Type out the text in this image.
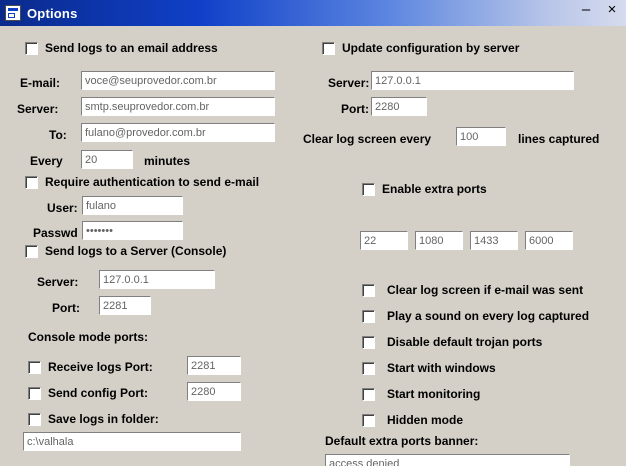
Options	– ×
Send logs to an email address
E-mail:
voce@seuprovedor.com.br
Server:
smtp.seuprovedor.com.br
To:
fulano@provedor.com.br
Every
20	minutes
Require authentication to send e-mail
User:
fulano
Passwd
•••••••
Send logs to a Server (Console)
Server:
127.0.0.1
Port:
2281
Console mode ports:
Receive logs Port:
2281
Send config Port:
2280
Save logs in folder:
c:\valhala
Update configuration by server
Server:
127.0.0.1
Port:
2280
Clear log screen every
100	lines captured
Enable extra ports
22
1080
1433
6000
Clear log screen if e-mail was sent
Play a sound on every log captured
Disable default trojan ports
Start with windows
Start monitoring
Hidden mode
Default extra ports banner:
access denied
